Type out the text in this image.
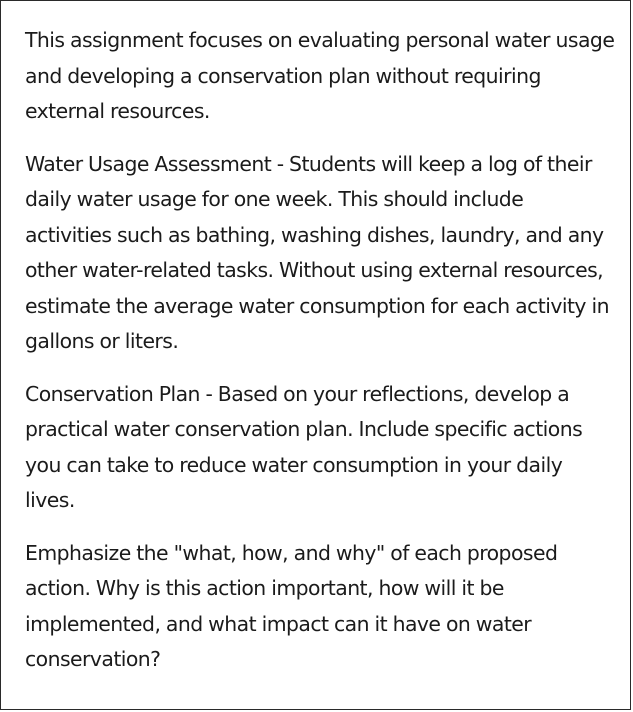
This assignment focuses on evaluating personal water usage and developing a conservation plan without requiring external resources.

Water Usage Assessment - Students will keep a log of their daily water usage for one week. This should include activities such as bathing, washing dishes, laundry, and any other water-related tasks. Without using external resources, estimate the average water consumption for each activity in gallons or liters.

Conservation Plan - Based on your reflections, develop a practical water conservation plan. Include specific actions you can take to reduce water consumption in your daily lives.

Emphasize the "what, how, and why" of each proposed action. Why is this action important, how will it be implemented, and what impact can it have on water conservation?
